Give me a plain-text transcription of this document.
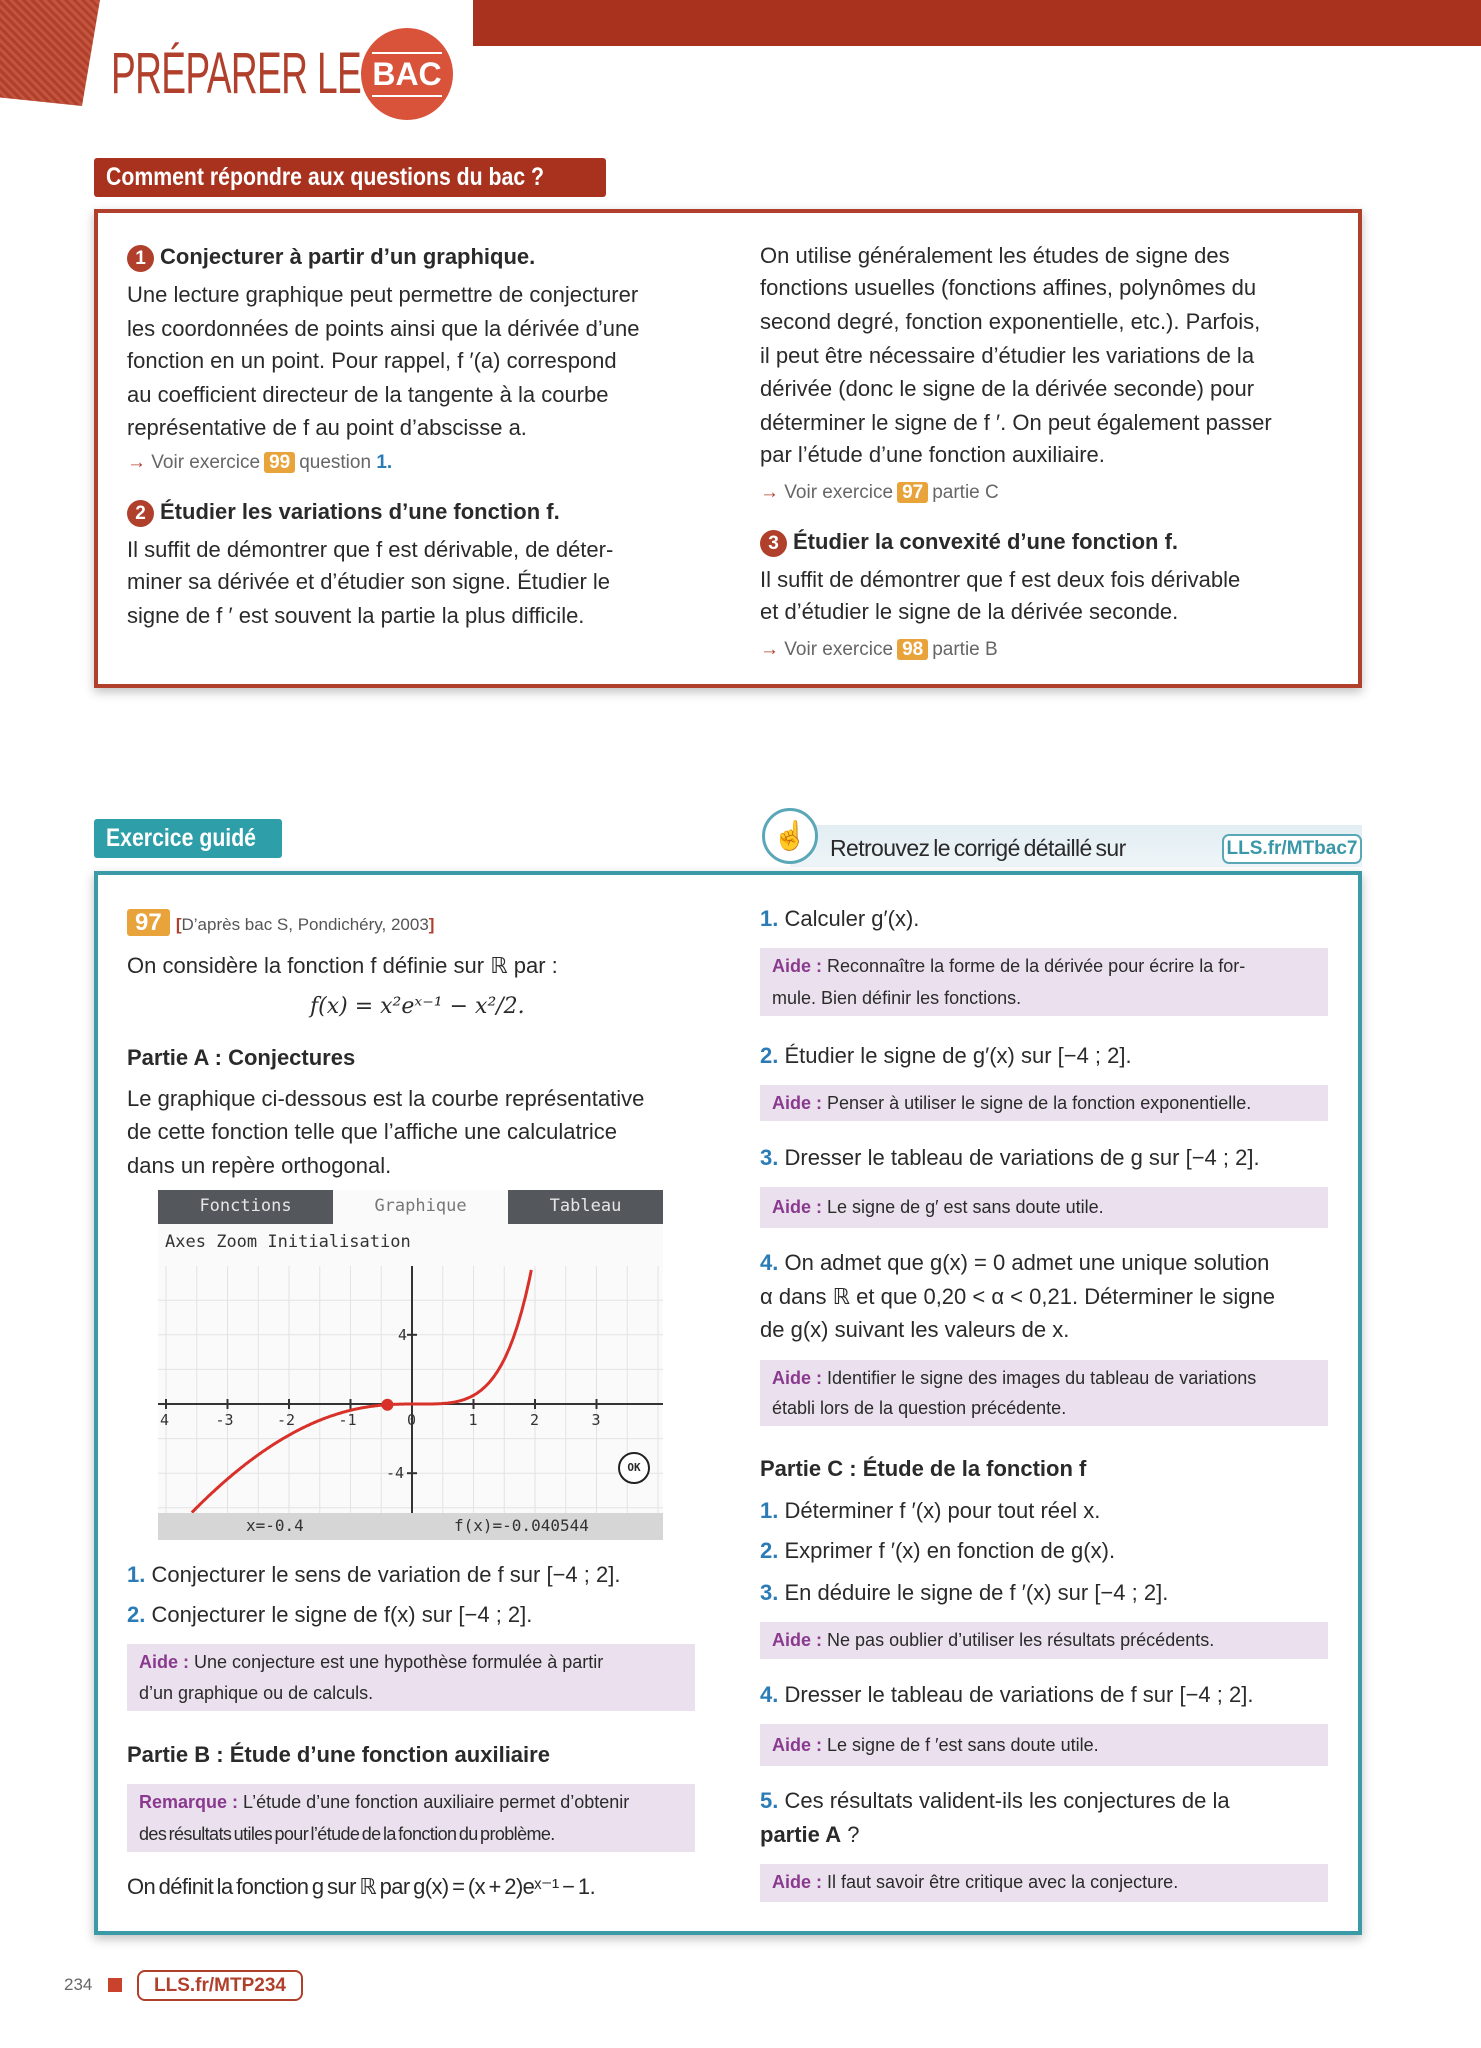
PRÉPARER LE BAC
Comment répondre aux questions du bac ?
1 Conjecturer à partir d’un graphique.
Une lecture graphique peut permettre de conjecturer
les coordonnées de points ainsi que la dérivée d’une
fonction en un point. Pour rappel, f ′(a) correspond
au coefficient directeur de la tangente à la courbe
représentative de f au point d’abscisse a.
→ Voir exercice 99 question 1.
2 Étudier les variations d’une fonction f.
Il suffit de démontrer que f est dérivable, de déter-
miner sa dérivée et d’étudier son signe. Étudier le
signe de f ′ est souvent la partie la plus difficile.
On utilise généralement les études de signe des
fonctions usuelles (fonctions affines, polynômes du
second degré, fonction exponentielle, etc.). Parfois,
il peut être nécessaire d’étudier les variations de la
dérivée (donc le signe de la dérivée seconde) pour
déterminer le signe de f ′. On peut également passer
par l’étude d’une fonction auxiliaire.
→ Voir exercice 97 partie C
3 Étudier la convexité d’une fonction f.
Il suffit de démontrer que f est deux fois dérivable
et d’étudier le signe de la dérivée seconde.
→ Voir exercice 98 partie B
Exercice guidé	☝ Retrouvez le corrigé détaillé sur	LLS.fr/MTbac7
97 [D’après bac S, Pondichéry, 2003]
On considère la fonction f définie sur ℝ par :
f(x) = x²eˣ⁻¹ − x²/2.
Partie A : Conjectures
Le graphique ci-dessous est la courbe représentative
de cette fonction telle que l’affiche une calculatrice
dans un repère orthogonal.
Fonctions	Graphique	Tableau
Axes Zoom Initialisation
4	-3	-2	-1	0	1	2	3
4
-4	OK
x=-0.4	f(x)=-0.040544
1. Conjecturer le sens de variation de f sur [−4 ; 2].
2. Conjecturer le signe de f(x) sur [−4 ; 2].
Aide : Une conjecture est une hypothèse formulée à partir
d’un graphique ou de calculs.
Partie B : Étude d’une fonction auxiliaire
Remarque : L’étude d’une fonction auxiliaire permet d’obtenir
des résultats utiles pour l’étude de la fonction du problème.
On définit la fonction g sur ℝ par g(x) = (x + 2)eˣ⁻¹ − 1.
1. Calculer g′(x).
Aide : Reconnaître la forme de la dérivée pour écrire la for-
mule. Bien définir les fonctions.
2. Étudier le signe de g′(x) sur [−4 ; 2].
Aide : Penser à utiliser le signe de la fonction exponentielle.
3. Dresser le tableau de variations de g sur [−4 ; 2].
Aide : Le signe de g′ est sans doute utile.
4. On admet que g(x) = 0 admet une unique solution
α dans ℝ et que 0,20 < α < 0,21. Déterminer le signe
de g(x) suivant les valeurs de x.
Aide : Identifier le signe des images du tableau de variations
établi lors de la question précédente.
Partie C : Étude de la fonction f
1. Déterminer f ′(x) pour tout réel x.
2. Exprimer f ′(x) en fonction de g(x).
3. En déduire le signe de f ′(x) sur [−4 ; 2].
Aide : Ne pas oublier d’utiliser les résultats précédents.
4. Dresser le tableau de variations de f sur [−4 ; 2].
Aide : Le signe de f ′est sans doute utile.
5. Ces résultats valident-ils les conjectures de la
partie A ?
Aide : Il faut savoir être critique avec la conjecture.
234	LLS.fr/MTP234
